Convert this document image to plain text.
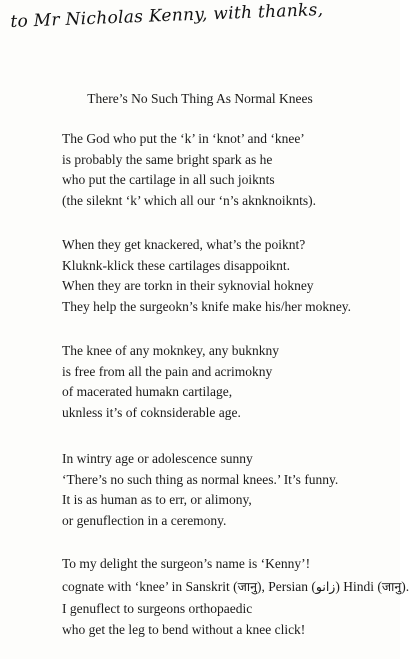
to Mr Nicholas Kenny, with thanks,
There’s No Such Thing As Normal Knees
The God who put the ‘k’ in ‘knot’ and ‘knee’
is probably the same bright spark as he
who put the cartilage in all such joiknts
(the sileknt ‘k’ which all our ‘n’s aknknoiknts).
When they get knackered, what’s the poiknt?
Kluknk-klick these cartilages disappoiknt.
When they are torkn in their syknovial hokney
They help the surgeokn’s knife make his/her mokney.
The knee of any moknkey, any buknkny
is free from all the pain and acrimokny
of macerated humakn cartilage,
uknless it’s of coknsiderable age.
In wintry age or adolescence sunny
‘There’s no such thing as normal knees.’ It’s funny.
It is as human as to err, or alimony,
or genuflection in a ceremony.
To my delight the surgeon’s name is ‘Kenny’!
cognate with ‘knee’ in Sanskrit (जानु), Persian (زانو) Hindi (जानु).
I genuflect to surgeons orthopaedic
who get the leg to bend without a knee click!
